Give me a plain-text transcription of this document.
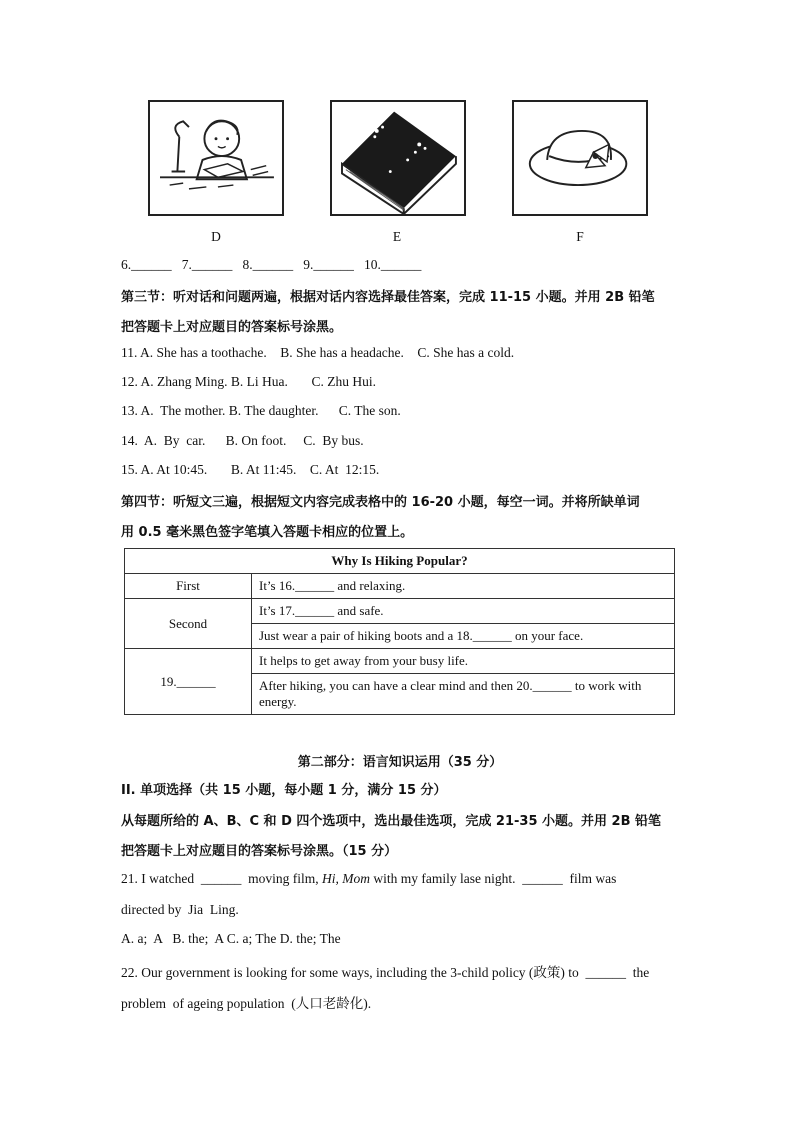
D	E	F
6.______   7.______   8.______   9.______   10.______
第三节：听对话和问题两遍，根据对话内容选择最佳答案，完成 11-15 小题。并用 2B 铅笔
把答题卡上对应题目的答案标号涂黑。
11. A. She has a toothache.    B. She has a headache.    C. She has a cold.
12. A. Zhang Ming. B. Li Hua.       C. Zhu Hui.
13. A.  The mother. B. The daughter.      C. The son.
14.  A.  By  car.      B. On foot.     C.  By bus.
15. A. At 10:45.       B. At 11:45.    C. At  12:15.
第四节：听短文三遍，根据短文内容完成表格中的 16-20 小题，每空一词。并将所缺单词
用 0.5 毫米黑色签字笔填入答题卡相应的位置上。
Why Is Hiking Popular?	
First	It’s 16.______ and relaxing.
Second	It’s 17.______ and safe.
	Just wear a pair of hiking boots and a 18.______ on your face.
19.______	It helps to get away from your busy life.
	After hiking, you can have a clear mind and then 20.______ to work with energy.
第二部分：语言知识运用（35 分）
II. 单项选择（共 15 小题，每小题 1 分，满分 15 分）
从每题所给的 A、B、C 和 D 四个选项中，选出最佳选项，完成 21-35 小题。并用 2B 铅笔
把答题卡上对应题目的答案标号涂黑。（15 分）
21. I watched  ______  moving film, Hi, Mom with my family lase night.  ______  film was
directed by  Jia  Ling.
A. a;  A   B. the;  A C. a; The D. the; The
22. Our government is looking for some ways, including the 3-child policy (政策) to  ______  the
problem  of ageing population  (人口老龄化).
